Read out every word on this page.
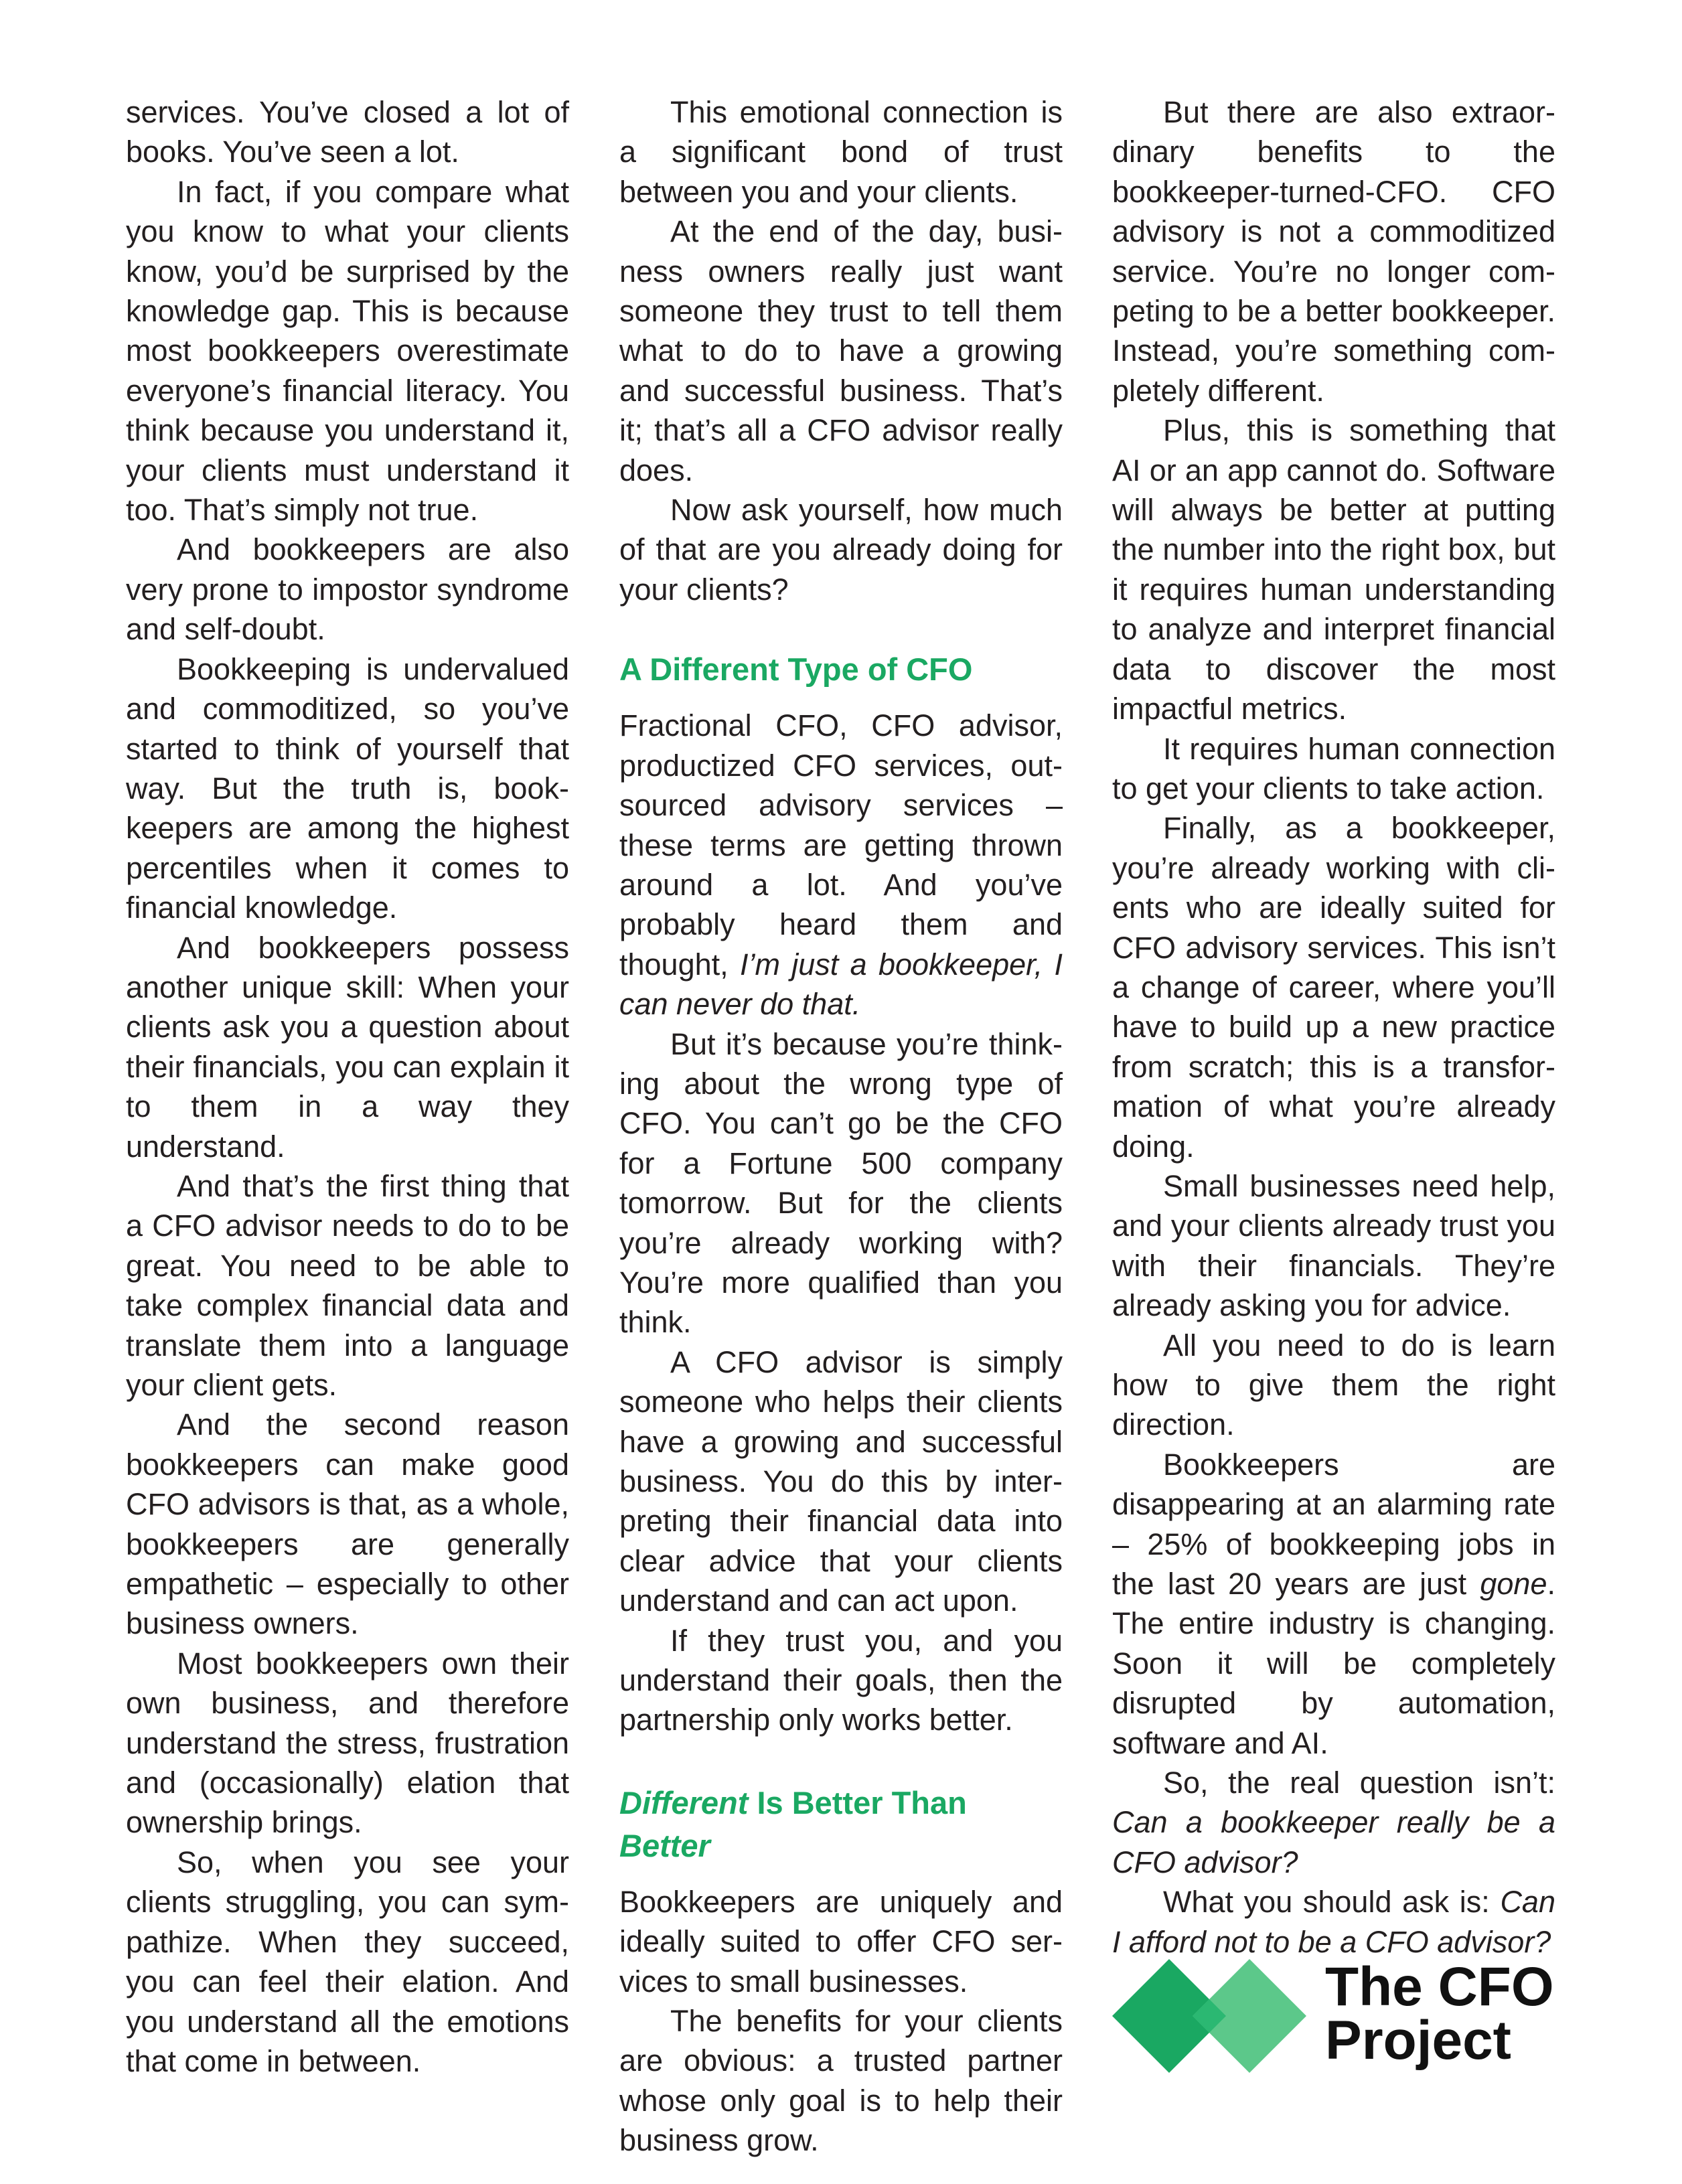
services. You’ve closed a lot of books. You’ve seen a lot.

In fact, if you compare what you know to what your clients know, you’d be surprised by the knowledge gap. This is because most bookkeepers overestimate everyone’s financial literacy. You think because you understand it, your clients must understand it too. That’s simply not true.

And bookkeepers are also very prone to impostor syndrome and self-doubt.

Bookkeeping is undervalued and commoditized, so you’ve started to think of yourself that way. But the truth is, bookkeepers are among the highest percentiles when it comes to financial knowledge.

And bookkeepers possess another unique skill: When your clients ask you a question about their financials, you can explain it to them in a way they understand.

And that’s the first thing that a CFO advisor needs to do to be great. You need to be able to take complex financial data and translate them into a language your client gets.

And the second reason bookkeepers can make good CFO advisors is that, as a whole, bookkeepers are generally empathetic – especially to other business owners.

Most bookkeepers own their own business, and therefore understand the stress, frustration and (occasionally) elation that ownership brings.

So, when you see your clients struggling, you can sympathize. When they succeed, you can feel their elation. And you understand all the emotions that come in between.

This emotional connection is a significant bond of trust between you and your clients.

At the end of the day, business owners really just want someone they trust to tell them what to do to have a growing and successful business. That’s it; that’s all a CFO advisor really does.

Now ask yourself, how much of that are you already doing for your clients?

A Different Type of CFO

Fractional CFO, CFO advisor, productized CFO services, outsourced advisory services – these terms are getting thrown around a lot. And you’ve probably heard them and thought, I’m just a bookkeeper, I can never do that.

But it’s because you’re thinking about the wrong type of CFO. You can’t go be the CFO for a Fortune 500 company tomorrow. But for the clients you’re already working with? You’re more qualified than you think.

A CFO advisor is simply someone who helps their clients have a growing and successful business. You do this by interpreting their financial data into clear advice that your clients understand and can act upon.

If they trust you, and you understand their goals, then the partnership only works better.

Different Is Better Than Better

Bookkeepers are uniquely and ideally suited to offer CFO services to small businesses.

The benefits for your clients are obvious: a trusted partner whose only goal is to help their business grow.

But there are also extraordinary benefits to the bookkeeper-turned-CFO. CFO advisory is not a commoditized service. You’re no longer competing to be a better bookkeeper. Instead, you’re something completely different.

Plus, this is something that AI or an app cannot do. Software will always be better at putting the number into the right box, but it requires human understanding to analyze and interpret financial data to discover the most impactful metrics.

It requires human connection to get your clients to take action.

Finally, as a bookkeeper, you’re already working with clients who are ideally suited for CFO advisory services. This isn’t a change of career, where you’ll have to build up a new practice from scratch; this is a transformation of what you’re already doing.

Small businesses need help, and your clients already trust you with their financials. They’re already asking you for advice.

All you need to do is learn how to give them the right direction.

Bookkeepers are disappearing at an alarming rate – 25% of bookkeeping jobs in the last 20 years are just gone. The entire industry is changing. Soon it will be completely disrupted by automation, software and AI.

So, the real question isn’t: Can a bookkeeper really be a CFO advisor?

What you should ask is: Can I afford not to be a CFO advisor?

The CFO
Project
